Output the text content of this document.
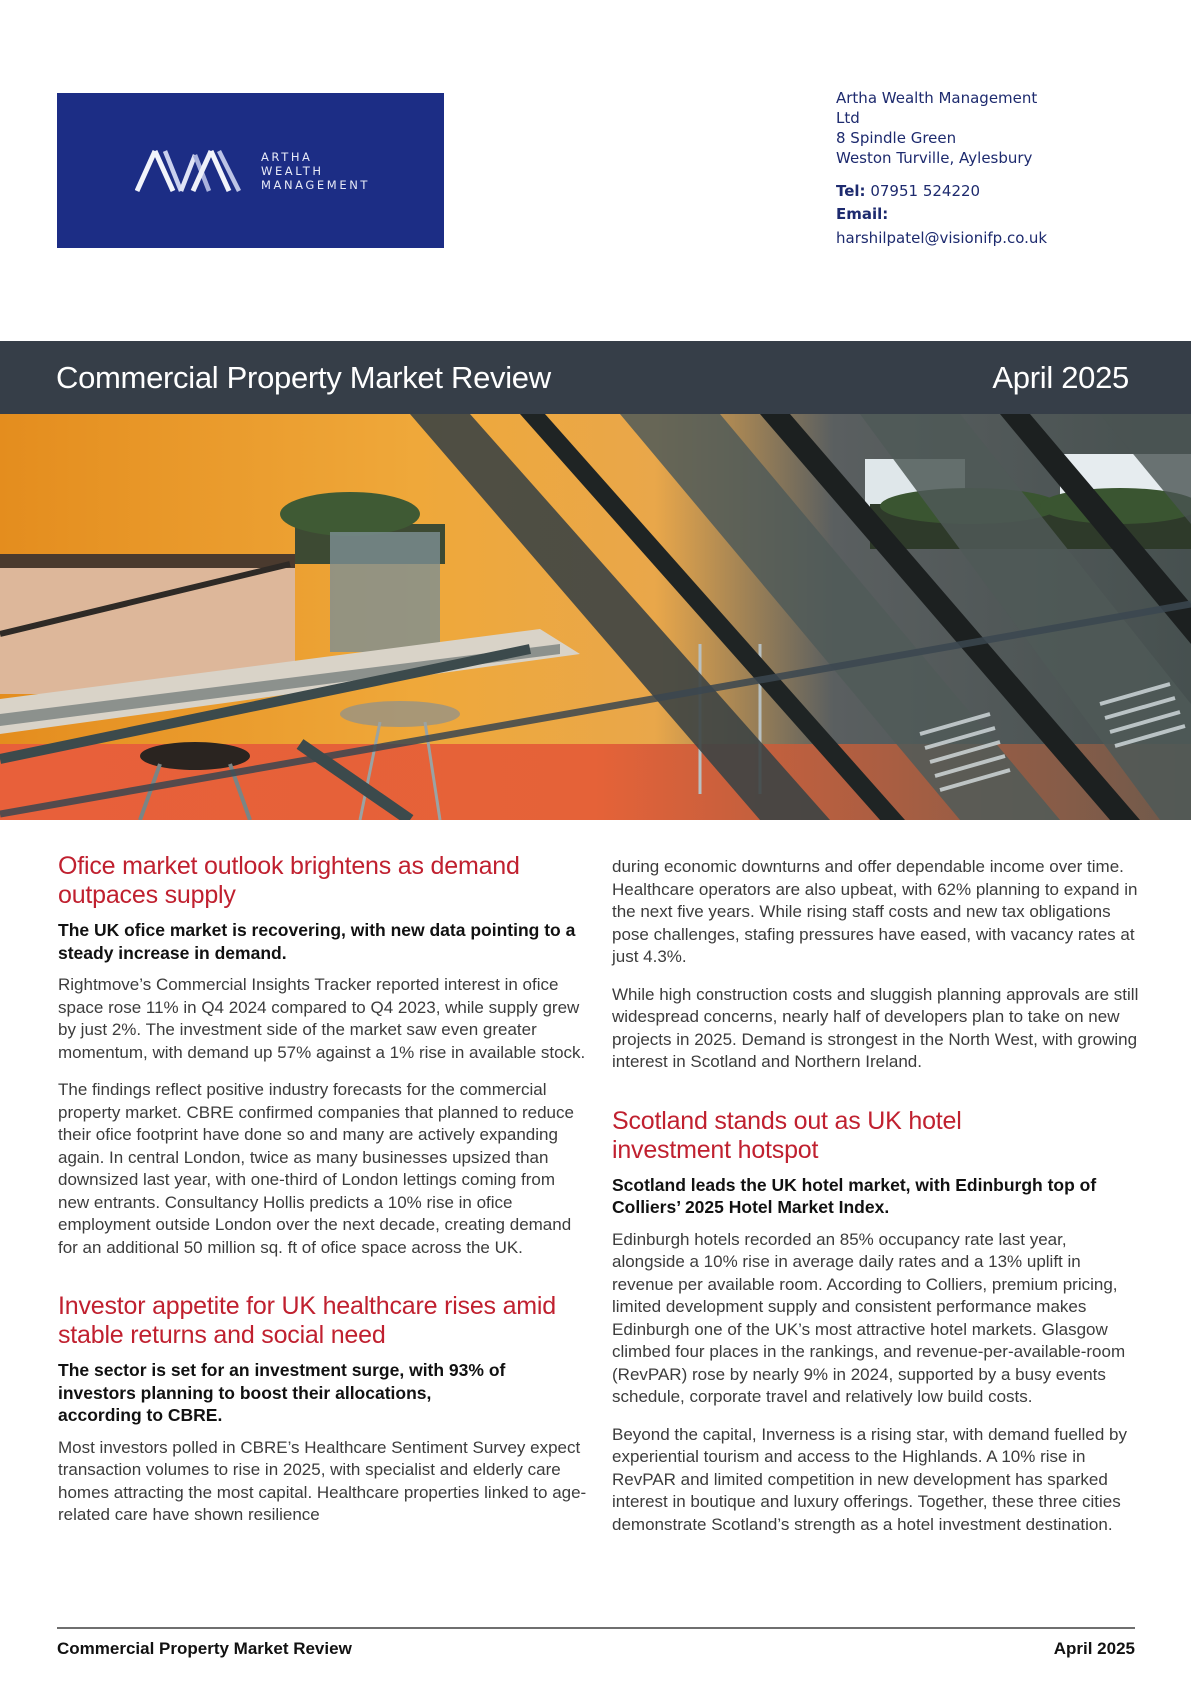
ARTHA
WEALTH
MANAGEMENT
Artha Wealth Management
Ltd
8 Spindle Green
Weston Turville, Aylesbury
Tel: 07951 524220
Email:
harshilpatel@visionifp.co.uk
Commercial Property Market Review	April 2025
Ofice market outlook brightens as demand outpaces supply

The UK ofice market is recovering, with new data pointing to a steady increase in demand.

Rightmove’s Commercial Insights Tracker reported interest in ofice space rose 11% in Q4 2024 compared to Q4 2023, while supply grew by just 2%. The investment side of the market saw even greater momentum, with demand up 57% against a 1% rise in available stock.

The findings reflect positive industry forecasts for the commercial property market. CBRE confirmed companies that planned to reduce their ofice footprint have done so and many are actively expanding again. In central London, twice as many businesses upsized than downsized last year, with one-third of London lettings coming from new entrants. Consultancy Hollis predicts a 10% rise in ofice employment outside London over the next decade, creating demand for an additional 50 million sq. ft of ofice space across the UK.

Investor appetite for UK healthcare rises amid stable returns and social need

The sector is set for an investment surge, with 93% of investors planning to boost their allocations, according to CBRE.

Most investors polled in CBRE’s Healthcare Sentiment Survey expect transaction volumes to rise in 2025, with specialist and elderly care homes attracting the most capital. Healthcare properties linked to age-related care have shown resilience

during economic downturns and offer dependable income over time. Healthcare operators are also upbeat, with 62% planning to expand in the next five years. While rising staff costs and new tax obligations pose challenges, stafing pressures have eased, with vacancy rates at just 4.3%.

While high construction costs and sluggish planning approvals are still widespread concerns, nearly half of developers plan to take on new projects in 2025. Demand is strongest in the North West, with growing interest in Scotland and Northern Ireland.

Scotland stands out as UK hotel investment hotspot

Scotland leads the UK hotel market, with Edinburgh top of Colliers’ 2025 Hotel Market Index.

Edinburgh hotels recorded an 85% occupancy rate last year, alongside a 10% rise in average daily rates and a 13% uplift in revenue per available room. According to Colliers, premium pricing, limited development supply and consistent performance makes Edinburgh one of the UK’s most attractive hotel markets. Glasgow climbed four places in the rankings, and revenue-per-available-room (RevPAR) rose by nearly 9% in 2024, supported by a busy events schedule, corporate travel and relatively low build costs.

Beyond the capital, Inverness is a rising star, with demand fuelled by experiential tourism and access to the Highlands. A 10% rise in RevPAR and limited competition in new development has sparked interest in boutique and luxury offerings. Together, these three cities demonstrate Scotland’s strength as a hotel investment destination.

Commercial Property Market Review	April 2025
